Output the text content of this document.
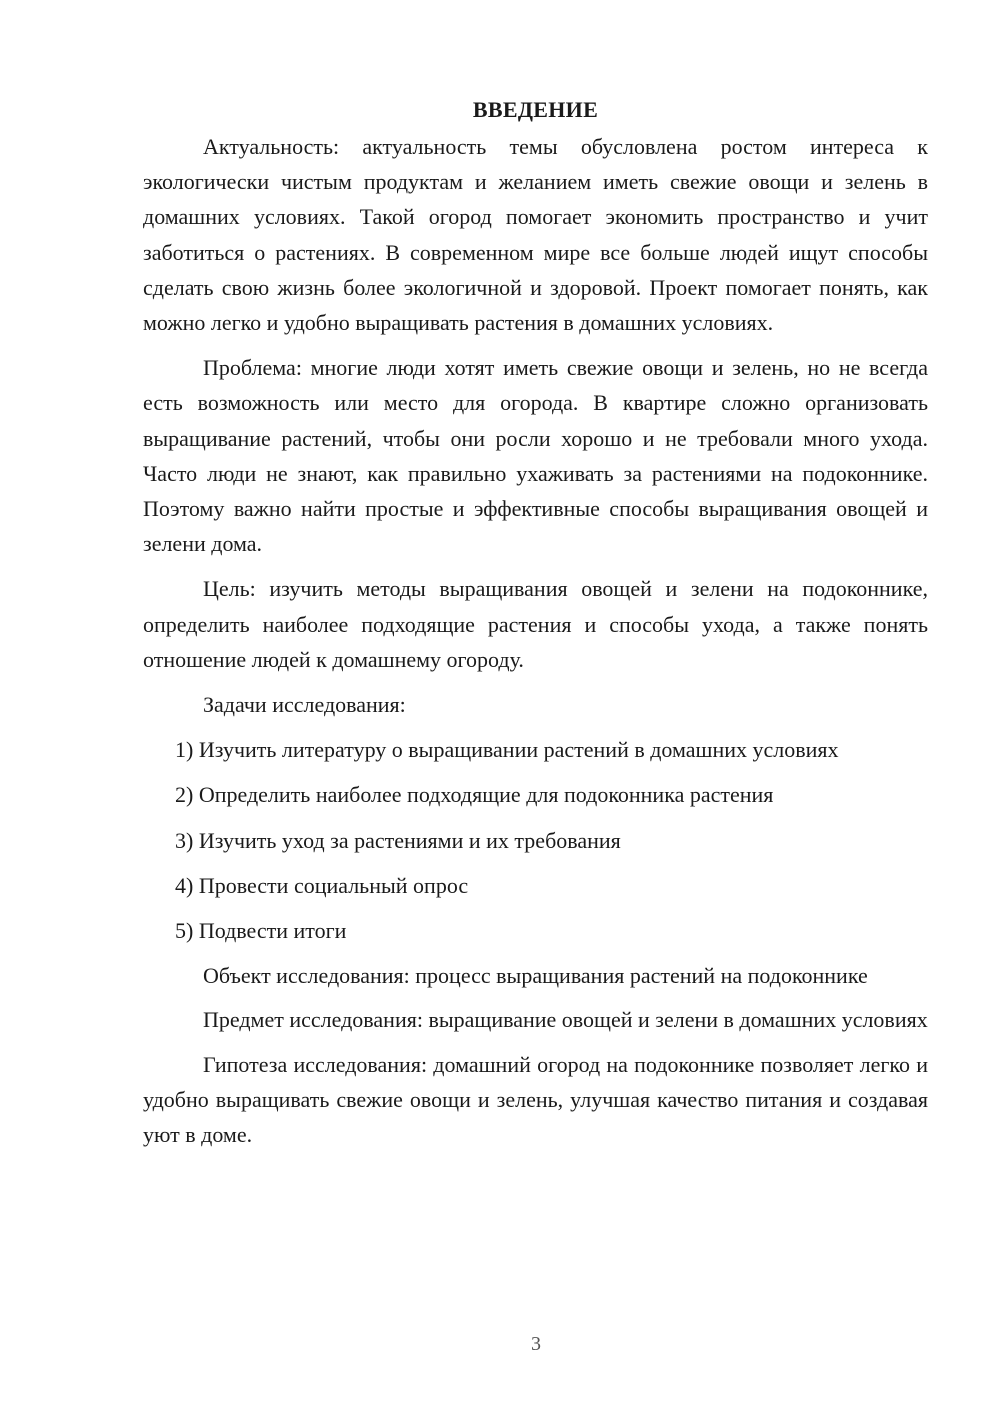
ВВЕДЕНИЕ

Актуальность: актуальность темы обусловлена ростом интереса к экологически чистым продуктам и желанием иметь свежие овощи и зелень в домашних условиях. Такой огород помогает экономить пространство и учит заботиться о растениях. В современном мире все больше людей ищут способы сделать свою жизнь более экологичной и здоровой. Проект помогает понять, как можно легко и удобно выращивать растения в домашних условиях.

Проблема: многие люди хотят иметь свежие овощи и зелень, но не всегда есть возможность или место для огорода. В квартире сложно организовать выращивание растений, чтобы они росли хорошо и не требовали много ухода. Часто люди не знают, как правильно ухаживать за растениями на подоконнике. Поэтому важно найти простые и эффективные способы выращивания овощей и зелени дома.

Цель: изучить методы выращивания овощей и зелени на подоконнике, определить наиболее подходящие растения и способы ухода, а также понять отношение людей к домашнему огороду.

Задачи исследования:

1) Изучить литературу о выращивании растений в домашних условиях
2) Определить наиболее подходящие для подоконника растения
3) Изучить уход за растениями и их требования
4) Провести социальный опрос
5) Подвести итоги

Объект исследования: процесс выращивания растений на подоконнике

Предмет исследования: выращивание овощей и зелени в домашних условиях

Гипотеза исследования: домашний огород на подоконнике позволяет легко и удобно выращивать свежие овощи и зелень, улучшая качество питания и создавая уют в доме.

3
